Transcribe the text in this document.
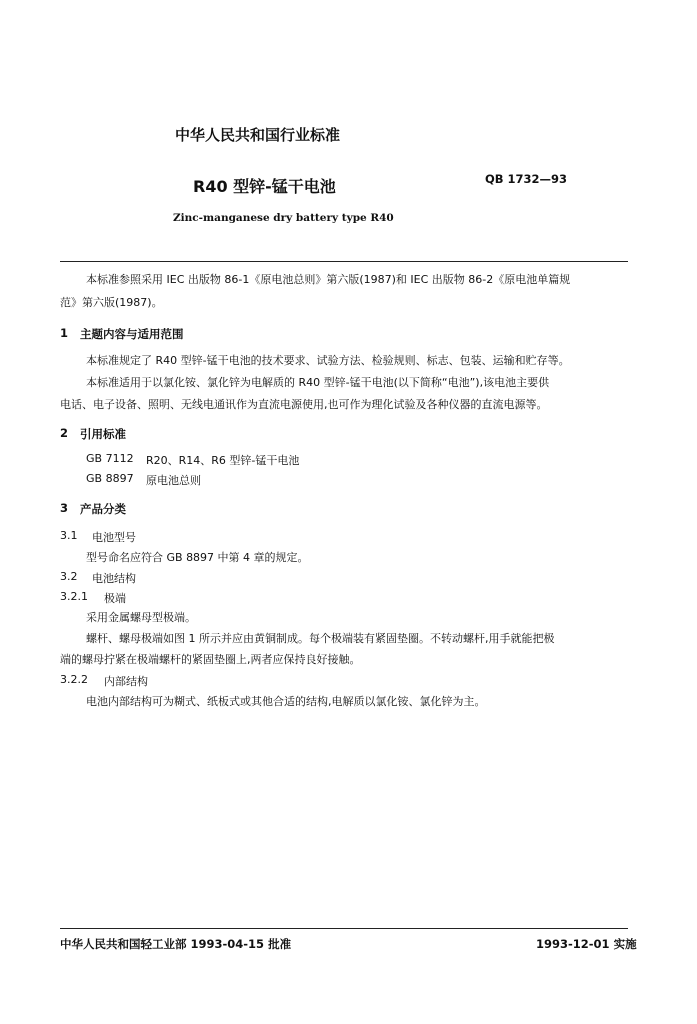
中华人民共和国行业标准
R40 型锌-锰干电池	QB 1732—93
Zinc-manganese dry battery type R40
本标准参照采用 IEC 出版物 86-1《原电池总则》第六版(1987)和 IEC 出版物 86-2《原电池单篇规
范》第六版(1987)。
1 主题内容与适用范围
本标准规定了 R40 型锌-锰干电池的技术要求、试验方法、检验规则、标志、包装、运输和贮存等。
本标准适用于以氯化铵、氯化锌为电解质的 R40 型锌-锰干电池(以下简称“电池”),该电池主要供
电话、电子设备、照明、无线电通讯作为直流电源使用,也可作为理化试验及各种仪器的直流电源等。
2 引用标准
GB 7112 R20、R14、R6 型锌-锰干电池
GB 8897 原电池总则
3 产品分类
3.1 电池型号
型号命名应符合 GB 8897 中第 4 章的规定。
3.2 电池结构
3.2.1 极端
采用金属螺母型极端。
螺杆、螺母极端如图 1 所示并应由黄铜制成。每个极端装有紧固垫圈。不转动螺杆,用手就能把极
端的螺母拧紧在极端螺杆的紧固垫圈上,两者应保持良好接触。
3.2.2 内部结构
电池内部结构可为糊式、纸板式或其他合适的结构,电解质以氯化铵、氯化锌为主。
中华人民共和国轻工业部 1993-04-15 批准	1993-12-01 实施
